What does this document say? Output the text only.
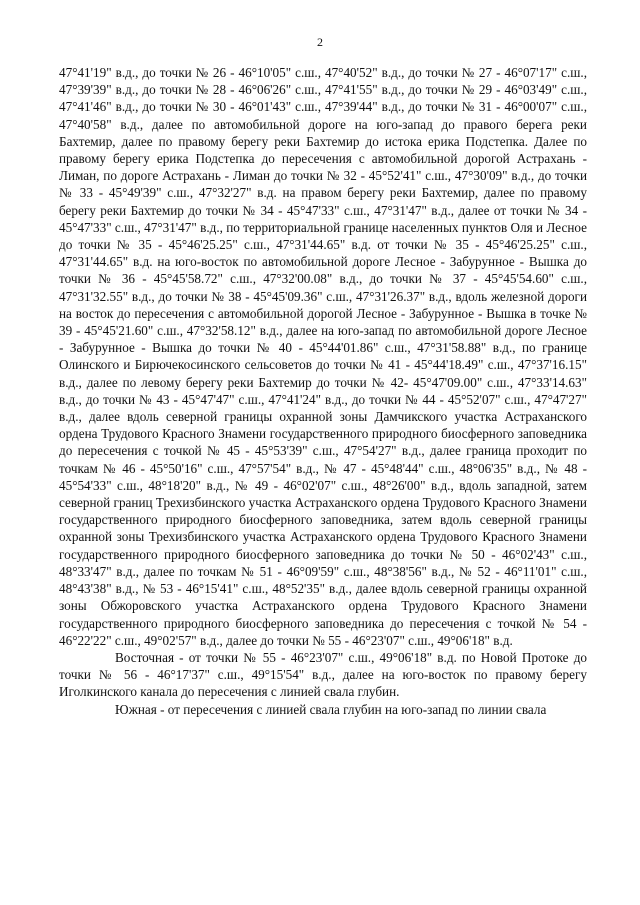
2

47°41'19" в.д., до точки № 26 - 46°10'05" с.ш., 47°40'52" в.д., до точки № 27 - 46°07'17" с.ш., 47°39'39" в.д., до точки № 28 - 46°06'26" с.ш., 47°41'55" в.д., до точки № 29 - 46°03'49" с.ш., 47°41'46" в.д., до точки № 30 - 46°01'43" с.ш., 47°39'44" в.д., до точки № 31 - 46°00'07" с.ш., 47°40'58" в.д., далее по автомобильной дороге на юго-запад до правого берега реки Бахтемир, далее по правому берегу реки Бахтемир до истока ерика Подстепка. Далее по правому берегу ерика Подстепка до пересечения с автомобильной дорогой Астрахань - Лиман, по дороге Астрахань - Лиман до точки № 32 - 45°52'41" с.ш., 47°30'09" в.д., до точки № 33 - 45°49'39" с.ш., 47°32'27" в.д. на правом берегу реки Бахтемир, далее по правому берегу реки Бахтемир до точки № 34 - 45°47'33" с.ш., 47°31'47" в.д., далее от точки № 34 - 45°47'33" с.ш., 47°31'47" в.д., по территориальной границе населенных пунктов Оля и Лесное до точки № 35 - 45°46'25.25" с.ш., 47°31'44.65" в.д. от точки № 35 - 45°46'25.25" с.ш., 47°31'44.65" в.д. на юго-восток по автомобильной дороге Лесное - Забурунное - Вышка до точки № 36 - 45°45'58.72" с.ш., 47°32'00.08" в.д., до точки № 37 - 45°45'54.60" с.ш., 47°31'32.55" в.д., до точки № 38 - 45°45'09.36" с.ш., 47°31'26.37" в.д., вдоль железной дороги на восток до пересечения с автомобильной дорогой Лесное - Забурунное - Вышка в точке № 39 - 45°45'21.60" с.ш., 47°32'58.12" в.д., далее на юго-запад по автомобильной дороге Лесное - Забурунное - Вышка до точки № 40 - 45°44'01.86" с.ш., 47°31'58.88" в.д., по границе Олинского и Бирючекосинского сельсоветов до точки № 41 - 45°44'18.49" с.ш., 47°37'16.15" в.д., далее по левому берегу реки Бахтемир до точки № 42- 45°47'09.00" с.ш., 47°33'14.63" в.д., до точки № 43 - 45°47'47" с.ш., 47°41'24" в.д., до точки № 44 - 45°52'07" с.ш., 47°47'27" в.д., далее вдоль северной границы охранной зоны Дамчикского участка Астраханского ордена Трудового Красного Знамени государственного природного биосферного заповедника до пересечения с точкой № 45 - 45°53'39" с.ш., 47°54'27" в.д., далее граница проходит по точкам № 46 - 45°50'16" с.ш., 47°57'54" в.д., № 47 - 45°48'44" с.ш., 48°06'35" в.д., № 48 - 45°54'33" с.ш., 48°18'20" в.д., № 49 - 46°02'07" с.ш., 48°26'00" в.д., вдоль западной, затем северной границ Трехизбинского участка Астраханского ордена Трудового Красного Знамени государственного природного биосферного заповедника, затем вдоль северной границы охранной зоны Трехизбинского участка Астраханского ордена Трудового Красного Знамени государственного природного биосферного заповедника до точки № 50 - 46°02'43" с.ш., 48°33'47" в.д., далее по точкам № 51 - 46°09'59" с.ш., 48°38'56" в.д., № 52 - 46°11'01" с.ш., 48°43'38" в.д., № 53 - 46°15'41" с.ш., 48°52'35" в.д., далее вдоль северной границы охранной зоны Обжоровского участка Астраханского ордена Трудового Красного Знамени государственного природного биосферного заповедника до пересечения с точкой № 54 - 46°22'22" с.ш., 49°02'57" в.д., далее до точки № 55 - 46°23'07" с.ш., 49°06'18" в.д.

Восточная - от точки № 55 - 46°23'07" с.ш., 49°06'18" в.д. по Новой Протоке до точки № 56 - 46°17'37" с.ш., 49°15'54" в.д., далее на юго-восток по правому берегу Иголкинского канала до пересечения с линией свала глубин.

Южная - от пересечения с линией свала глубин на юго-запад по линии свала
